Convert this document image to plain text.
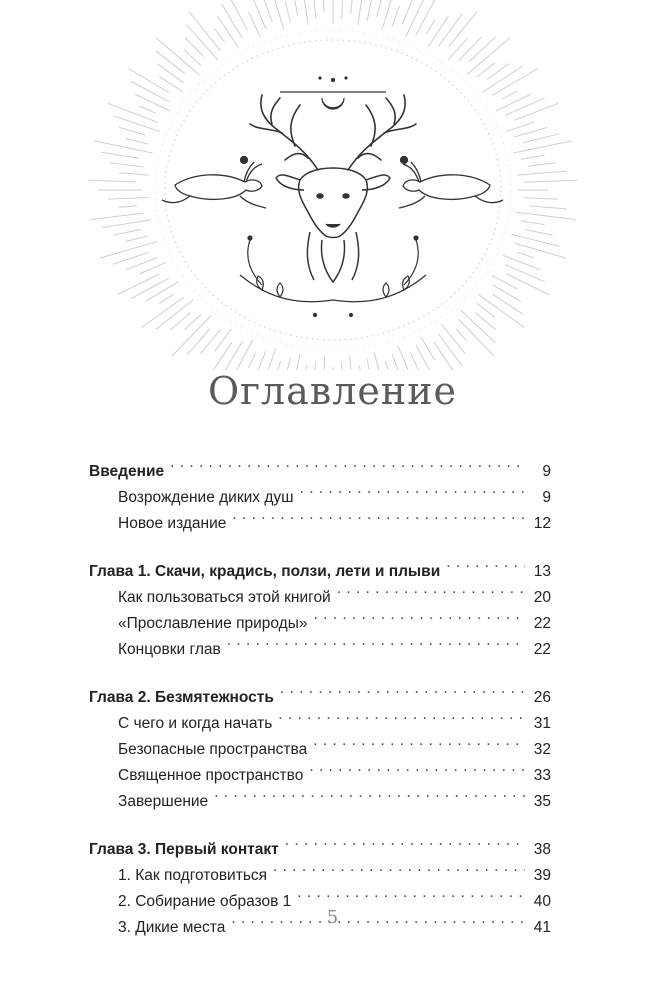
Оглавление
Введение . . .	9
Возрождение диких душ . . .	9
Новое издание . . .	12
Глава 1. Скачи, крадись, ползи, лети и плыви . . .	13
Как пользоваться этой книгой . . .	20
«Прославление природы» . . .	22
Концовки глав . . .	22
Глава 2. Безмятежность . . .	26
С чего и когда начать . . .	31
Безопасные пространства . . .	32
Священное пространство . . .	33
Завершение . . .	35
Глава 3. Первый контакт . . .	38
1. Как подготовиться . . .	39
2. Собирание образов 1 . . .	40
3. Дикие места . . .	41
5
